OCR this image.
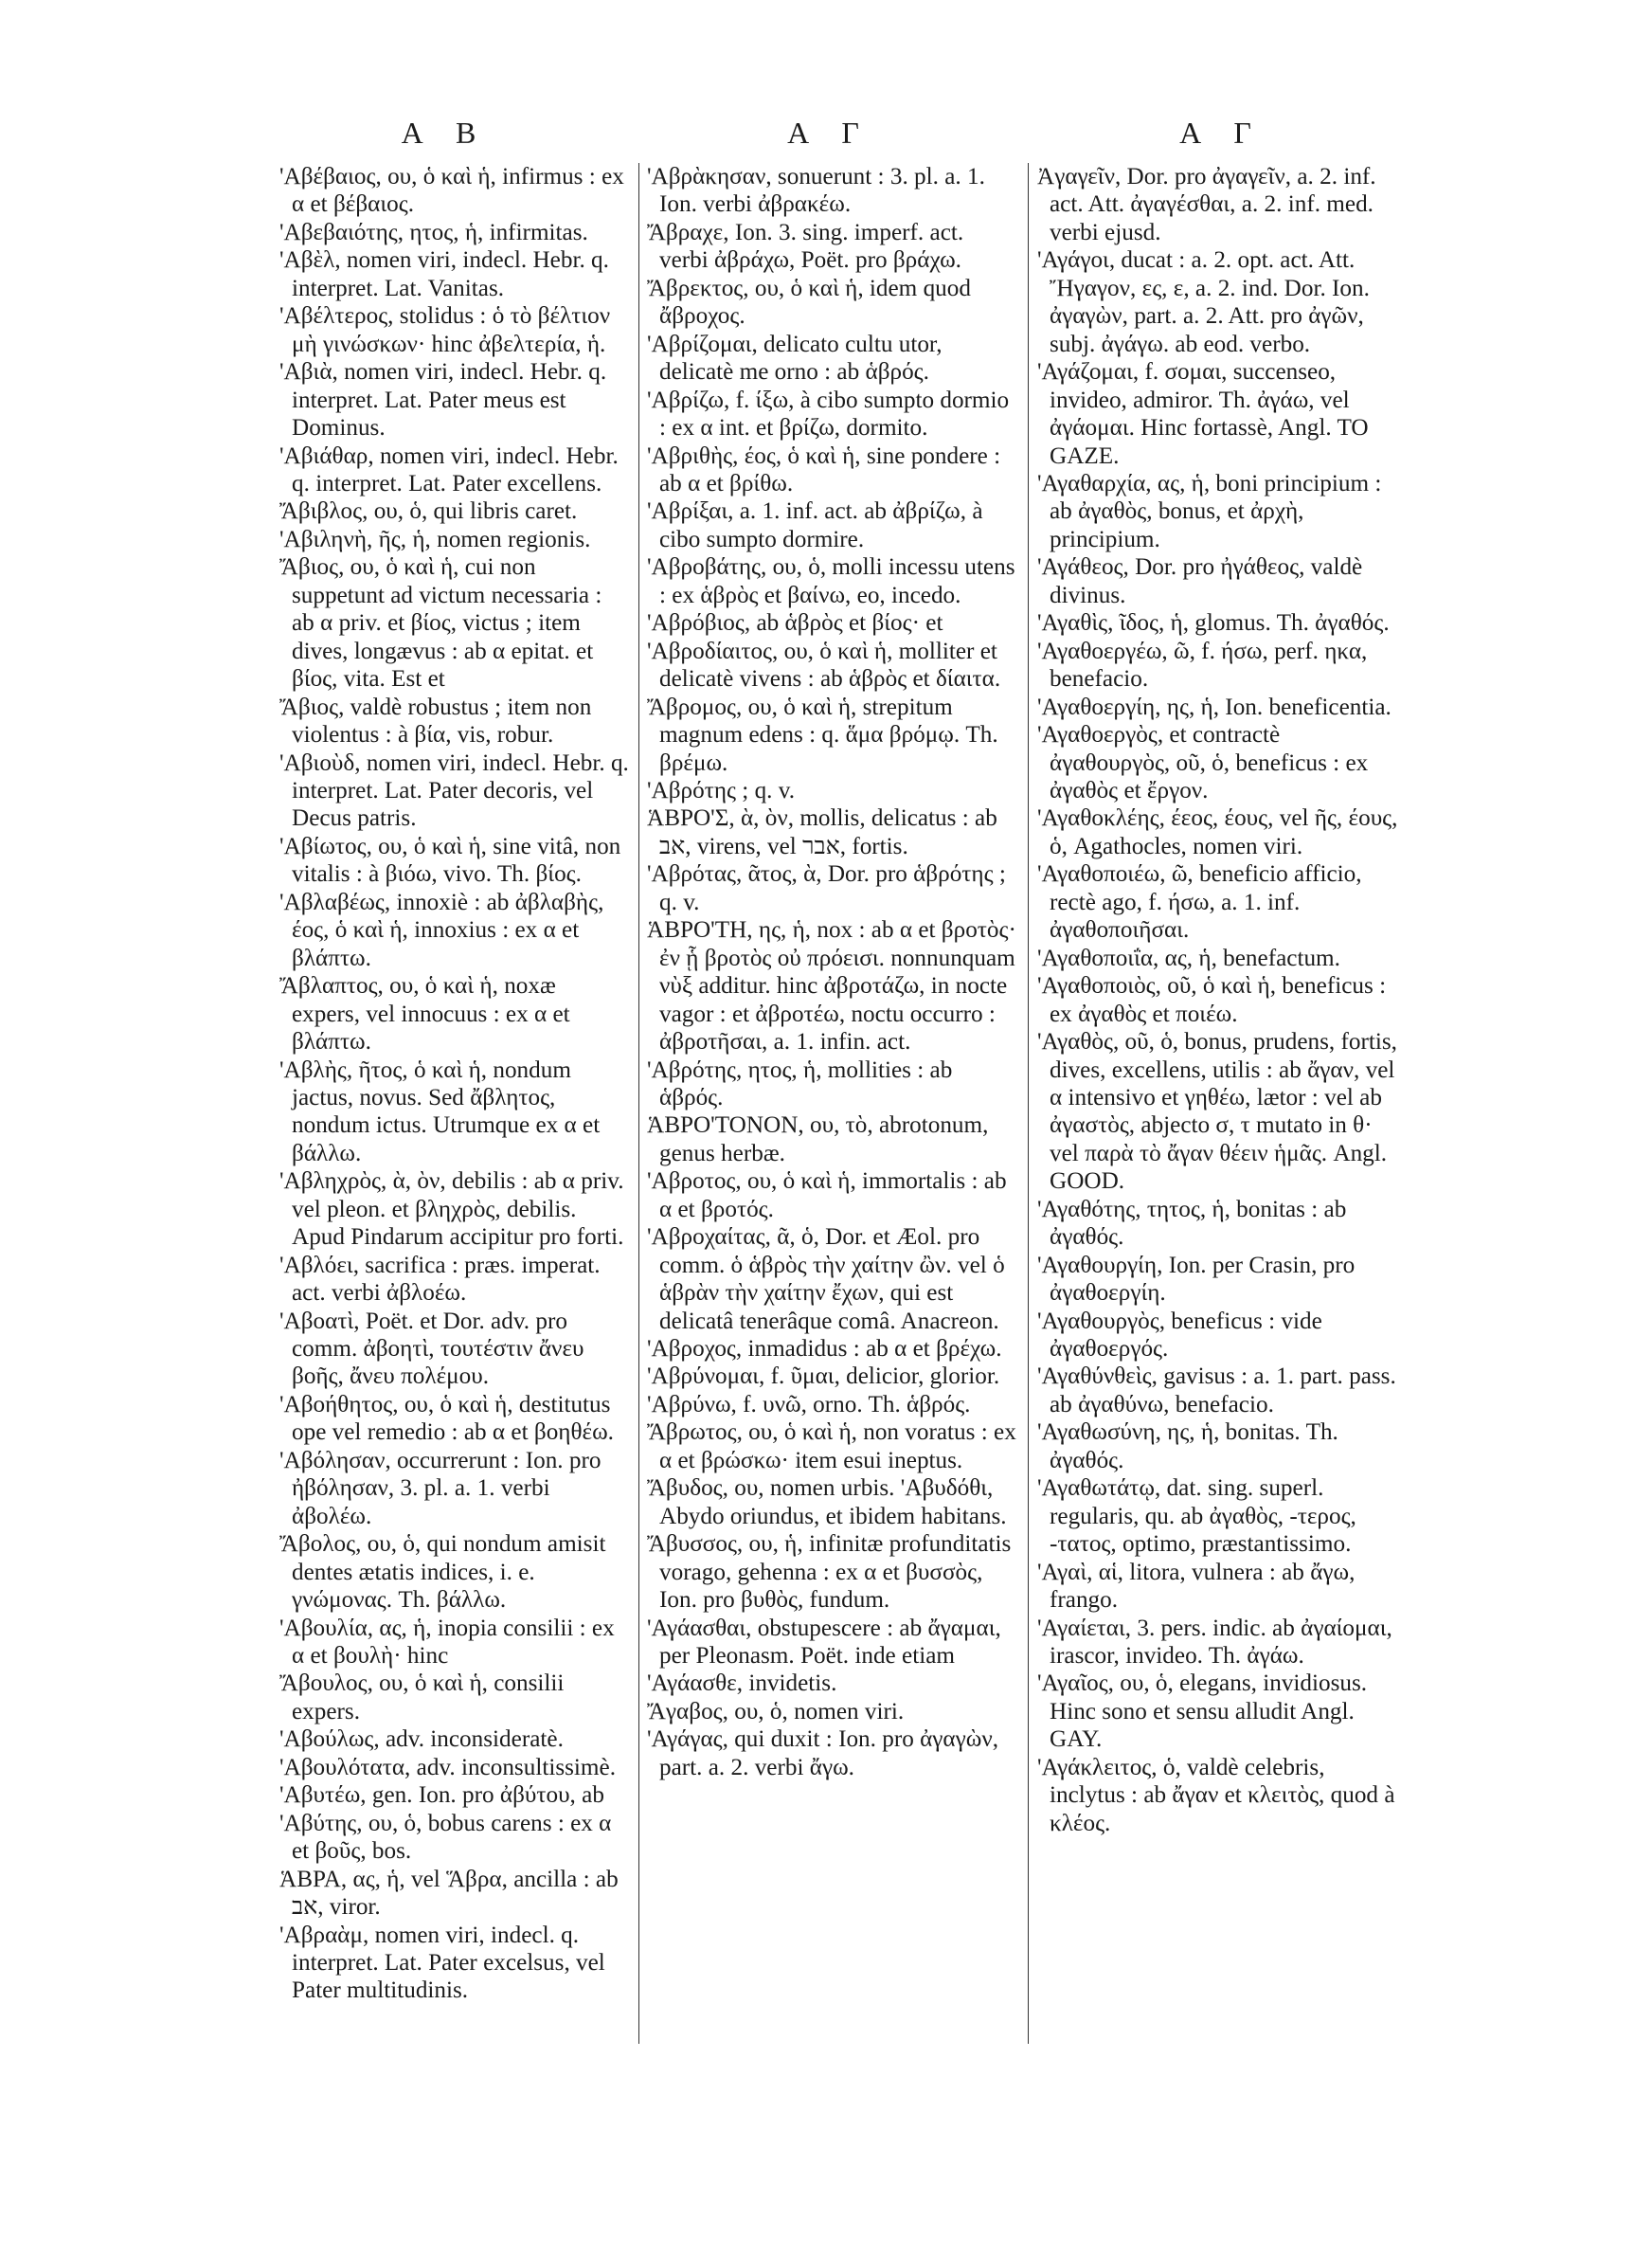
Α Β	Α Γ	Α Γ

'Αβέβαιος, ου, ὁ καὶ ἡ, infirmus : ex α et βέβαιος.

'Αβεβαιότης, ητος, ἡ, infirmitas.

'Αβὲλ, nomen viri, indecl. Hebr. q. interpret. Lat. Vanitas.

'Αβέλτερος, stolidus : ὁ τὸ βέλτιον μὴ γινώσκων· hinc ἀβελτερία, ἡ.

'Αβιὰ, nomen viri, indecl. Hebr. q. interpret. Lat. Pater meus est Dominus.

'Αβιάθαρ, nomen viri, indecl. Hebr. q. interpret. Lat. Pater excellens.

Ἄβιβλος, ου, ὁ, qui libris caret.

'Αβιληνὴ, ῆς, ἡ, nomen regionis.

Ἄβιος, ου, ὁ καὶ ἡ, cui non suppetunt ad victum necessaria : ab α priv. et βίος, victus ; item dives, longævus : ab α epitat. et βίος, vita. Est et

Ἄβιος, valdè robustus ; item non violentus : à βία, vis, robur.

'Αβιοὺδ, nomen viri, indecl. Hebr. q. interpret. Lat. Pater decoris, vel Decus patris.

'Αβίωτος, ου, ὁ καὶ ἡ, sine vitâ, non vitalis : à βιόω, vivo. Th. βίος.

'Αβλαβέως, innoxiè : ab ἀβλαβὴς, έος, ὁ καὶ ἡ, innoxius : ex α et βλάπτω.

Ἄβλαπτος, ου, ὁ καὶ ἡ, noxæ expers, vel innocuus : ex α et βλάπτω.

'Αβλὴς, ῆτος, ὁ καὶ ἡ, nondum jactus, novus. Sed ἄβλητος, nondum ictus. Utrumque ex α et βάλλω.

'Αβληχρὸς, ὰ, ὸν, debilis : ab α priv. vel pleon. et βληχρὸς, debilis. Apud Pindarum accipitur pro forti.

'Αβλόει, sacrifica : præs. imperat. act. verbi ἀβλοέω.

'Αβοατὶ, Poët. et Dor. adv. pro comm. ἀβοητὶ, τουτέστιν ἄνευ βοῆς, ἄνευ πολέμου.

'Αβοήθητος, ου, ὁ καὶ ἡ, destitutus ope vel remedio : ab α et βοηθέω.

'Αβόλησαν, occurrerunt : Ion. pro ἠβόλησαν, 3. pl. a. 1. verbi ἀβολέω.

Ἄβολος, ου, ὁ, qui nondum amisit dentes ætatis indices, i. e. γνώμονας. Th. βάλλω.

'Αβουλία, ας, ἡ, inopia consilii : ex α et βουλὴ· hinc

Ἄβουλος, ου, ὁ καὶ ἡ, consilii expers.

'Αβούλως, adv. inconsideratè.

'Αβουλότατα, adv. inconsultissimè.

'Αβυτέω, gen. Ion. pro ἀβύτου, ab

'Αβύτης, ου, ὁ, bobus carens : ex α et βοῦς, bos.

ἉΒΡΑ, ας, ἡ, vel Ἅβρα, ancilla : ab אב, viror.

'Αβραὰμ, nomen viri, indecl. q. interpret. Lat. Pater excelsus, vel Pater multitudinis.

'Αβρὰκησαν, sonuerunt : 3. pl. a. 1. Ion. verbi ἀβρακέω.

Ἄβραχε, Ion. 3. sing. imperf. act. verbi ἀβράχω, Poët. pro βράχω.

Ἄβρεκτος, ου, ὁ καὶ ἡ, idem quod ἄβροχος.

'Αβρίζομαι, delicato cultu utor, delicatè me orno : ab ἁβρός.

'Αβρίζω, f. ίξω, à cibo sumpto dormio : ex α int. et βρίζω, dormito.

'Αβριθὴς, έος, ὁ καὶ ἡ, sine pondere : ab α et βρίθω.

'Αβρίξαι, a. 1. inf. act. ab ἀβρίζω, à cibo sumpto dormire.

'Αβροβάτης, ου, ὁ, molli incessu utens : ex ἁβρὸς et βαίνω, eo, incedo.

'Αβρόβιος, ab ἁβρὸς et βίος· et

'Αβροδίαιτος, ου, ὁ καὶ ἡ, molliter et delicatè vivens : ab ἁβρὸς et δίαιτα.

Ἄβρομος, ου, ὁ καὶ ἡ, strepitum magnum edens : q. ἅμα βρόμῳ. Th. βρέμω.

'Αβρότης ; q. v.

ἉΒΡΟ'Σ, ὰ, ὸν, mollis, delicatus : ab אב, virens, vel אבר, fortis.

'Αβρότας, ᾶτος, ὰ, Dor. pro ἁβρότης ; q. v.

ἉΒΡΟ'ΤΗ, ης, ἡ, nox : ab α et βροτὸς· ἐν ᾗ βροτὸς οὐ πρόεισι. nonnunquam νὺξ additur. hinc ἀβροτάζω, in nocte vagor : et ἀβροτέω, noctu occurro : ἀβροτῆσαι, a. 1. infin. act.

'Αβρότης, ητος, ἡ, mollities : ab ἁβρός.

ἉΒΡΟ'ΤΟΝΟΝ, ου, τὸ, abrotonum, genus herbæ.

'Αβροτος, ου, ὁ καὶ ἡ, immortalis : ab α et βροτός.

'Αβροχαίτας, ᾶ, ὁ, Dor. et Æol. pro comm. ὁ ἁβρὸς τὴν χαίτην ὢν. vel ὁ ἁβρὰν τὴν χαίτην ἔχων, qui est delicatâ tenerâque comâ. Anacreon.

'Αβροχος, inmadidus : ab α et βρέχω.

'Αβρύνομαι, f. ῦμαι, delicior, glorior.

'Αβρύνω, f. υνῶ, orno. Th. ἁβρός.

Ἄβρωτος, ου, ὁ καὶ ἡ, non voratus : ex α et βρώσκω· item esui ineptus.

Ἄβυδος, ου, nomen urbis. 'Αβυδόθι, Abydo oriundus, et ibidem habitans.

Ἄβυσσος, ου, ἡ, infinitæ profunditatis vorago, gehenna : ex α et βυσσὸς, Ion. pro βυθὸς, fundum.

'Αγάασθαι, obstupescere : ab ἄγαμαι, per Pleonasm. Poët. inde etiam

'Αγάασθε, invidetis.

Ἄγαβος, ου, ὁ, nomen viri.

'Αγάγας, qui duxit : Ion. pro ἀγαγὼν, part. a. 2. verbi ἄγω.

Ἀγαγεῖν, Dor. pro ἀγαγεῖν, a. 2. inf. act. Att. ἀγαγέσθαι, a. 2. inf. med. verbi ejusd.

'Αγάγοι, ducat : a. 2. opt. act. Att. Ἤγαγον, ες, ε, a. 2. ind. Dor. Ion. ἀγαγὼν, part. a. 2. Att. pro ἀγῶν, subj. ἀγάγω. ab eod. verbo.

'Αγάζομαι, f. σομαι, succenseo, invideo, admiror. Th. ἀγάω, vel ἀγάομαι. Hinc fortassè, Angl. TO GAZE.

'Αγαθαρχία, ας, ἡ, boni principium : ab ἀγαθὸς, bonus, et ἀρχὴ, principium.

'Αγάθεος, Dor. pro ἠγάθεος, valdè divinus.

'Αγαθὶς, ῖδος, ἡ, glomus. Th. ἀγαθός.

'Αγαθοεργέω, ῶ, f. ήσω, perf. ηκα, benefacio.

'Αγαθοεργίη, ης, ἡ, Ion. beneficentia.

'Αγαθοεργὸς, et contractè ἀγαθουργὸς, οῦ, ὁ, beneficus : ex ἀγαθὸς et ἔργον.

'Αγαθοκλέης, έεος, έους, vel ῆς, έους, ὁ, Agathocles, nomen viri.

'Αγαθοποιέω, ῶ, beneficio afficio, rectè ago, f. ήσω, a. 1. inf. ἀγαθοποιῆσαι.

'Αγαθοποιΐα, ας, ἡ, benefactum.

'Αγαθοποιὸς, οῦ, ὁ καὶ ἡ, beneficus : ex ἀγαθὸς et ποιέω.

'Αγαθὸς, οῦ, ὁ, bonus, prudens, fortis, dives, excellens, utilis : ab ἄγαν, vel α intensivo et γηθέω, lætor : vel ab ἀγαστὸς, abjecto σ, τ mutato in θ· vel παρὰ τὸ ἄγαν θέειν ἡμᾶς. Angl. GOOD.

'Αγαθότης, τητος, ἡ, bonitas : ab ἀγαθός.

'Αγαθουργίη, Ion. per Crasin, pro ἀγαθοεργίη.

'Αγαθουργὸς, beneficus : vide ἀγαθοεργός.

'Αγαθύνθεὶς, gavisus : a. 1. part. pass. ab ἀγαθύνω, benefacio.

'Αγαθωσύνη, ης, ἡ, bonitas. Th. ἀγαθός.

'Αγαθωτάτῳ, dat. sing. superl. regularis, qu. ab ἀγαθὸς, -τερος, -τατος, optimo, præstantissimo.

'Αγαὶ, αἱ, litora, vulnera : ab ἄγω, frango.

'Αγαίεται, 3. pers. indic. ab ἀγαίομαι, irascor, invideo. Th. ἀγάω.

'Αγαῖος, ου, ὁ, elegans, invidiosus. Hinc sono et sensu alludit Angl. GAY.

'Αγάκλειτος, ὁ, valdè celebris, inclytus : ab ἄγαν et κλειτὸς, quod à κλέος.
